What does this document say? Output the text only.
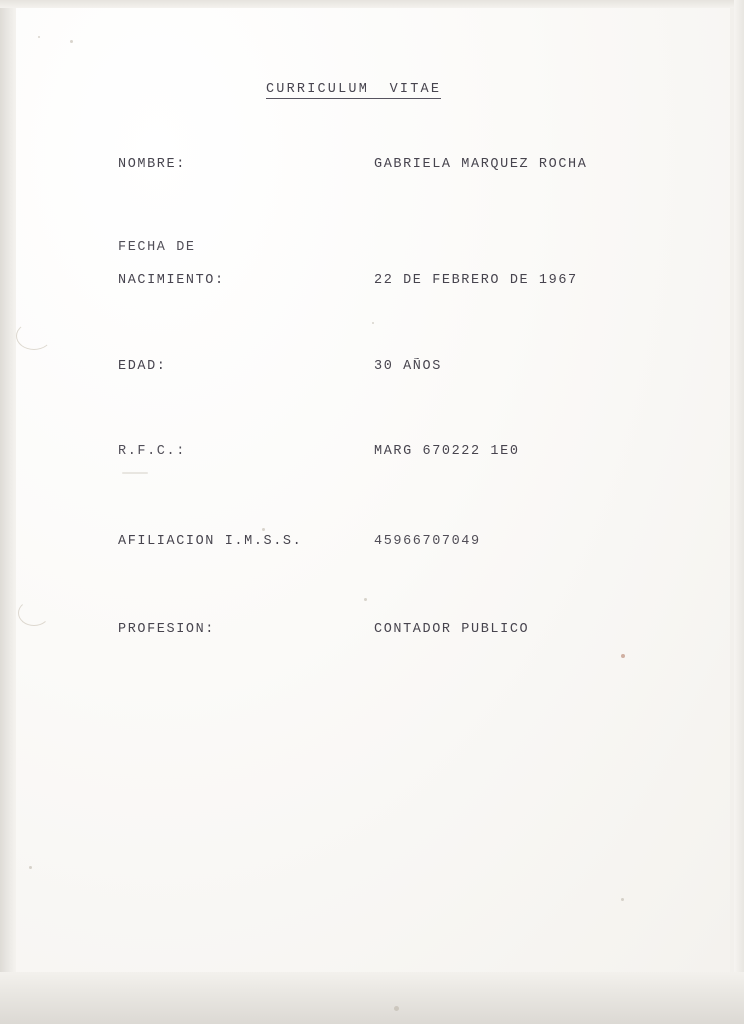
CURRICULUM  VITAE
NOMBRE:	GABRIELA MARQUEZ ROCHA
FECHA DE
NACIMIENTO:	22 DE FEBRERO DE 1967
EDAD:	30 AÑOS
R.F.C.:	MARG 670222 1E0
AFILIACION I.M.S.S.	45966707049
PROFESION:	CONTADOR PUBLICO
